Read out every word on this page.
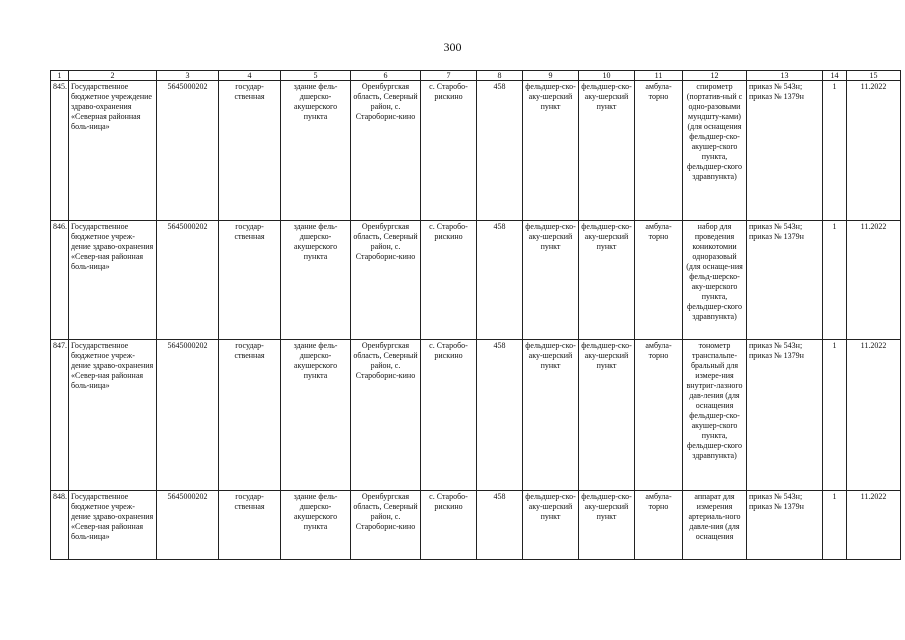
300
1	2	3	4	5	6	7	8	9	10	11	12	13	14	15
845.	Государственное бюджетное учреждение здраво-охранения «Северная районная боль-ница»	5645000202	государ-ственная	здание фель-дшерско-акушерского пункта	Оренбургская область, Северный район, с. Староборис-кино	с. Старобо-рискино	458	фельдшер-ско-аку-шерский пункт	фельдшер-ско-аку-шерский пункт	амбула-торно	спирометр (портатив-ный с одно-разовыми мундшту-ками) (для оснащения фельдшер-ско-акушер-ского пункта, фельдшер-ского здравпункта)	приказ № 543н; приказ № 1379н	1	11.2022
846.	Государственное бюджетное учреж-дение здраво-охранения «Север-ная районная боль-ница»	5645000202	государ-ственная	здание фель-дшерско-акушерского пункта	Оренбургская область, Северный район, с. Староборис-кино	с. Старобо-рискино	458	фельдшер-ско-аку-шерский пункт	фельдшер-ско-аку-шерский пункт	амбула-торно	набор для проведения коникотомии одноразовый (для оснаще-ния фельд-шерско-аку-шерского пункта, фельдшер-ского здравпункта)	приказ № 543н; приказ № 1379н	1	11.2022
847.	Государственное бюджетное учреж-дение здраво-охранения «Север-ная районная боль-ница»	5645000202	государ-ственная	здание фель-дшерско-акушерского пункта	Оренбургская область, Северный район, с. Староборис-кино	с. Старобо-рискино	458	фельдшер-ско-аку-шерский пункт	фельдшер-ско-аку-шерский пункт	амбула-торно	тонометр транспальпе-бральный для измере-ния внутриг-лазного дав-ления (для оснащения фельдшер-ско-акушер-ского пункта, фельдшер-ского здравпункта)	приказ № 543н; приказ № 1379н	1	11.2022
848.	Государственное бюджетное учреж-дение здраво-охранения «Север-ная районная боль-ница»	5645000202	государ-ственная	здание фель-дшерско-акушерского пункта	Оренбургская область, Северный район, с. Староборис-кино	с. Старобо-рискино	458	фельдшер-ско-аку-шерский пункт	фельдшер-ско-аку-шерский пункт	амбула-торно	аппарат для измерения артериаль-ного давле-ния (для оснащения	приказ № 543н; приказ № 1379н	1	11.2022
